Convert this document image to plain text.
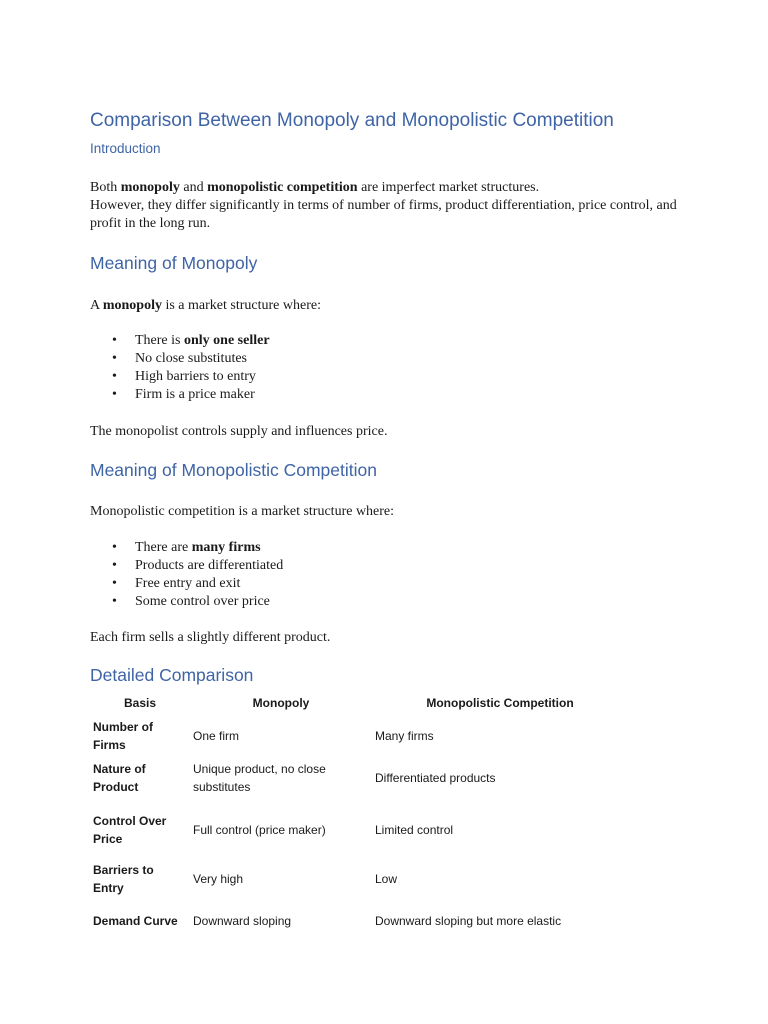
Comparison Between Monopoly and Monopolistic Competition
Introduction

Both monopoly and monopolistic competition are imperfect market structures.
However, they differ significantly in terms of number of firms, product differentiation, price control, and profit in the long run.

Meaning of Monopoly

A monopoly is a market structure where:

• There is only one seller
• No close substitutes
• High barriers to entry
• Firm is a price maker

The monopolist controls supply and influences price.

Meaning of Monopolistic Competition

Monopolistic competition is a market structure where:

• There are many firms
• Products are differentiated
• Free entry and exit
• Some control over price

Each firm sells a slightly different product.

Detailed Comparison
Basis	Monopoly	Monopolistic Competition
Number of Firms	One firm	Many firms
Nature of Product	Unique product, no close substitutes	Differentiated products
Control Over Price	Full control (price maker)	Limited control
Barriers to Entry	Very high	Low
Demand Curve	Downward sloping	Downward sloping but more elastic
